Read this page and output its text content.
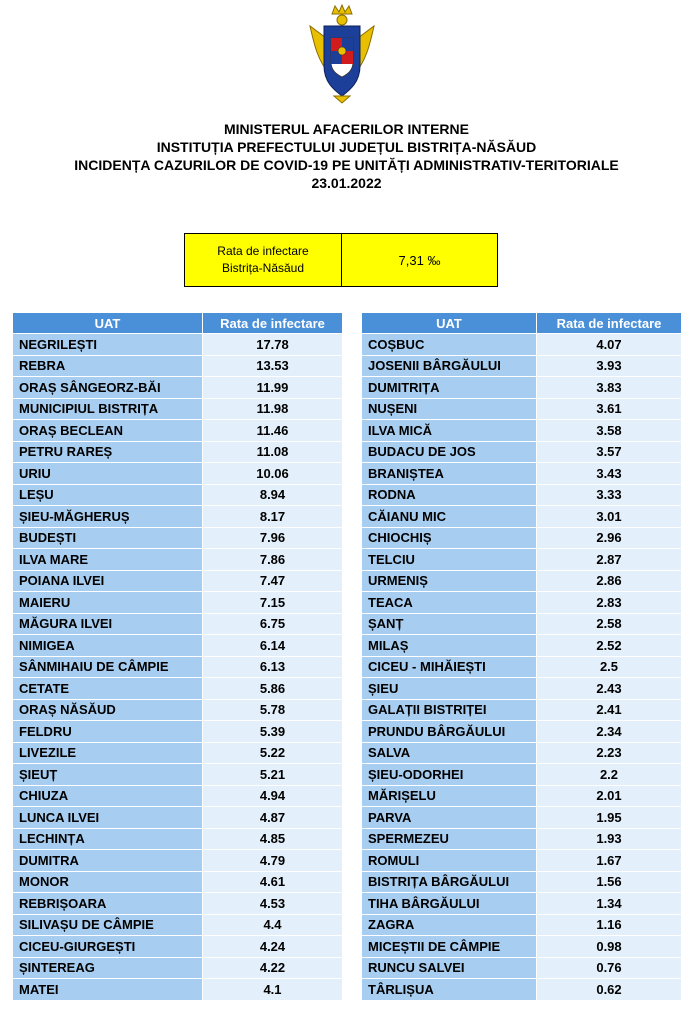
MINISTERUL AFACERILOR INTERNE
INSTITUȚIA PREFECTULUI JUDEȚUL BISTRIȚA-NĂSĂUD
INCIDENȚA CAZURILOR DE COVID-19 PE UNITĂȚI ADMINISTRATIV-TERITORIALE
23.01.2022
Rata de infectare
Bistrița-Năsăud
7,31 ‰
UAT	Rata de infectare
NEGRILEȘTI	17.78
REBRA	13.53
ORAȘ SÂNGEORZ-BĂI	11.99
MUNICIPIUL BISTRIȚA	11.98
ORAȘ BECLEAN	11.46
PETRU RAREȘ	11.08
URIU	10.06
LEȘU	8.94
ȘIEU-MĂGHERUȘ	8.17
BUDEȘTI	7.96
ILVA MARE	7.86
POIANA ILVEI	7.47
MAIERU	7.15
MĂGURA ILVEI	6.75
NIMIGEA	6.14
SÂNMIHAIU DE CÂMPIE	6.13
CETATE	5.86
ORAȘ NĂSĂUD	5.78
FELDRU	5.39
LIVEZILE	5.22
ȘIEUȚ	5.21
CHIUZA	4.94
LUNCA ILVEI	4.87
LECHINȚA	4.85
DUMITRA	4.79
MONOR	4.61
REBRIȘOARA	4.53
SILIVAȘU DE CÂMPIE	4.4
CICEU-GIURGEȘTI	4.24
ȘINTEREAG	4.22
MATEI	4.1
UAT	Rata de infectare
COȘBUC	4.07
JOSENII BÂRGĂULUI	3.93
DUMITRIȚA	3.83
NUȘENI	3.61
ILVA MICĂ	3.58
BUDACU DE JOS	3.57
BRANIȘTEA	3.43
RODNA	3.33
CĂIANU MIC	3.01
CHIOCHIȘ	2.96
TELCIU	2.87
URMENIȘ	2.86
TEACA	2.83
ȘANȚ	2.58
MILAȘ	2.52
CICEU - MIHĂIEȘTI	2.5
ȘIEU	2.43
GALAȚII BISTRIȚEI	2.41
PRUNDU BÂRGĂULUI	2.34
SALVA	2.23
ȘIEU-ODORHEI	2.2
MĂRIȘELU	2.01
PARVA	1.95
SPERMEZEU	1.93
ROMULI	1.67
BISTRIȚA BÂRGĂULUI	1.56
TIHA BÂRGĂULUI	1.34
ZAGRA	1.16
MICEȘTII DE CÂMPIE	0.98
RUNCU SALVEI	0.76
TÂRLIȘUA	0.62
